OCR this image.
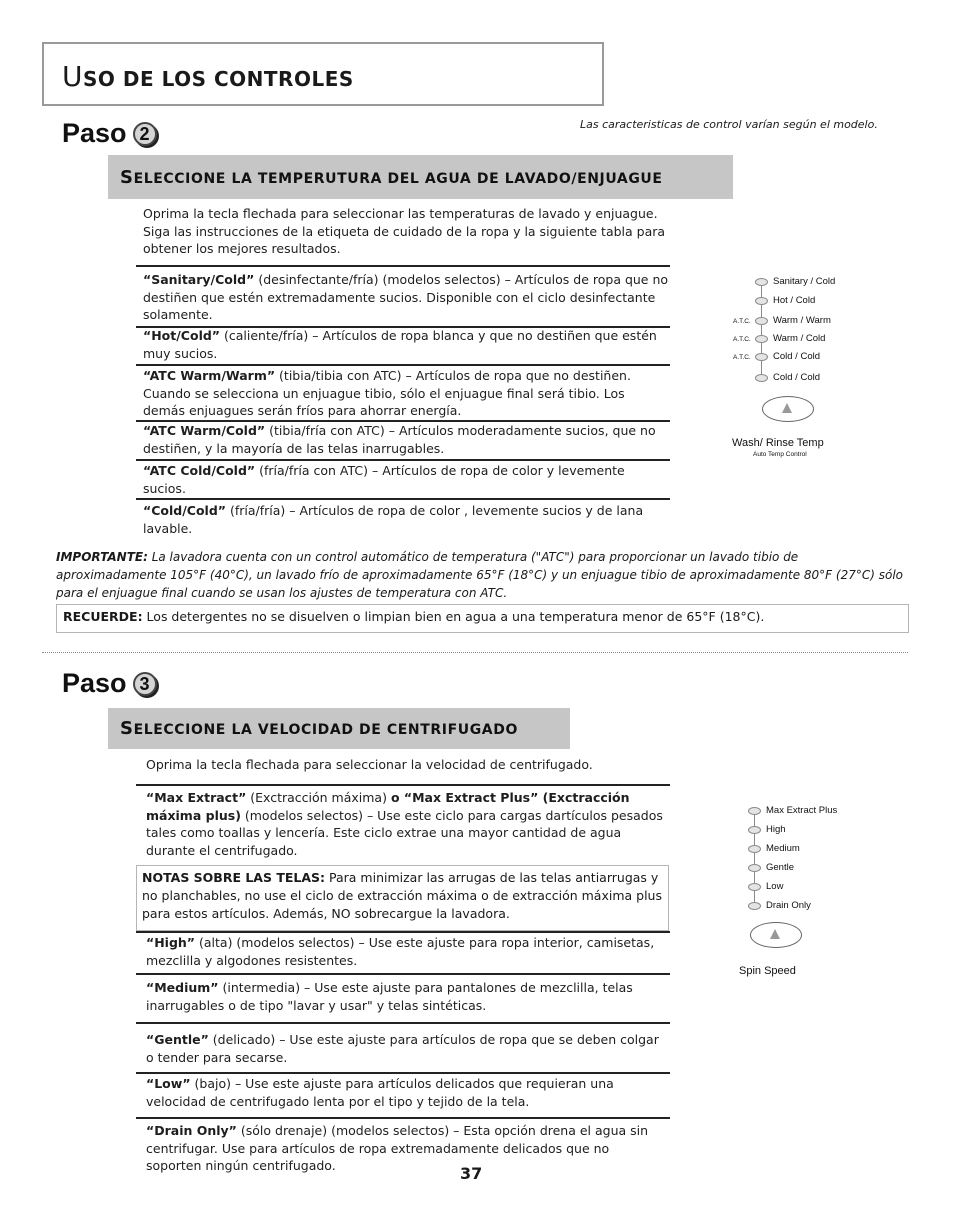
USO DE LOS CONTROLES
Las caracteristicas de control varían según el modelo.
Paso 2
SELECCIONE LA TEMPERUTURA DEL AGUA DE LAVADO/ENJUAGUE
Oprima la tecla flechada para seleccionar las temperaturas de lavado y enjuague. Siga las instrucciones de la etiqueta de cuidado de la ropa y la siguiente tabla para obtener los mejores resultados.
“Sanitary/Cold” (desinfectante/fría) (modelos selectos) – Artículos de ropa que no destiñen que estén extremadamente sucios. Disponible con el ciclo desinfectante solamente.
“Hot/Cold” (caliente/fría) – Artículos de ropa blanca y que no destiñen que estén muy sucios.
“ATC Warm/Warm” (tibia/tibia con ATC) – Artículos de ropa que no destiñen. Cuando se selecciona un enjuague tibio, sólo el enjuague final será tibio. Los demás enjuagues serán fríos para ahorrar energía.
“ATC Warm/Cold” (tibia/fría con ATC) – Artículos moderadamente sucios, que no destiñen, y la mayoría de las telas inarrugables.
“ATC Cold/Cold” (fría/fría con ATC) – Artículos de ropa de color y levemente sucios.
“Cold/Cold” (fría/fría) – Artículos de ropa de color , levemente sucios y de lana lavable.
Sanitary / Cold
Hot / Cold
A.T.C. Warm / Warm
A.T.C. Warm / Cold
A.T.C. Cold / Cold
Cold / Cold
Wash/ Rinse Temp
Auto Temp Control
IMPORTANTE: La lavadora cuenta con un control automático de temperatura ("ATC") para proporcionar un lavado tibio de aproximadamente 105°F (40°C), un lavado frío de aproximadamente 65°F (18°C) y un enjuague tibio de aproximadamente 80°F (27°C) sólo para el enjuague final cuando se usan los ajustes de temperatura con ATC.
RECUERDE: Los detergentes no se disuelven o limpian bien en agua a una temperatura menor de 65°F (18°C).
Paso 3
SELECCIONE LA VELOCIDAD DE CENTRIFUGADO
Oprima la tecla flechada para seleccionar la velocidad de centrifugado.
“Max Extract” (Exctracción máxima) o “Max Extract Plus” (Exctracción máxima plus) (modelos selectos) – Use este ciclo para cargas dartículos pesados tales como toallas y lencería. Este ciclo extrae una mayor cantidad de agua durante el centrifugado.
NOTAS SOBRE LAS TELAS: Para minimizar las arrugas de las telas antiarrugas y no planchables, no use el ciclo de extracción máxima o de extracción máxima plus para estos artículos. Además, NO sobrecargue la lavadora.
“High” (alta) (modelos selectos) – Use este ajuste para ropa interior, camisetas, mezclilla y algodones resistentes.
“Medium” (intermedia) – Use este ajuste para pantalones de mezclilla, telas inarrugables o de tipo "lavar y usar" y telas sintéticas.
“Gentle” (delicado) – Use este ajuste para artículos de ropa que se deben colgar o tender para secarse.
“Low” (bajo) – Use este ajuste para artículos delicados que requieran una velocidad de centrifugado lenta por el tipo y tejido de la tela.
“Drain Only” (sólo drenaje) (modelos selectos) – Esta opción drena el agua sin centrifugar. Use para artículos de ropa extremadamente delicados que no soporten ningún centrifugado.
Max Extract Plus
High
Medium
Gentle
Low
Drain Only
Spin Speed
37
